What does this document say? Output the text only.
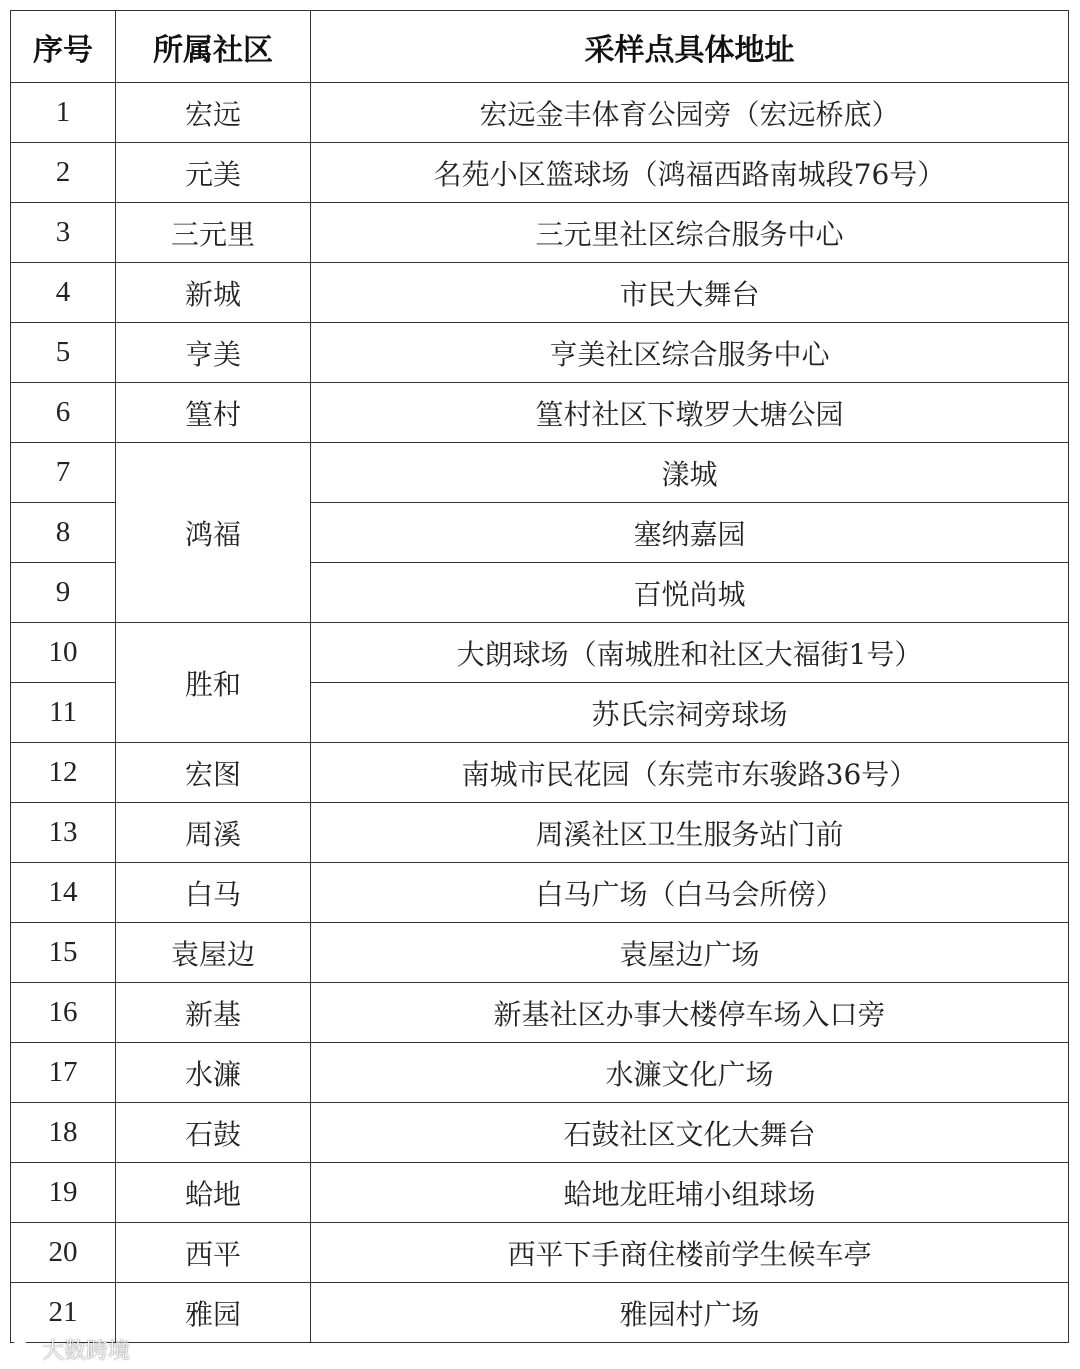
序号	所属社区	采样点具体地址
1	宏远	宏远金丰体育公园旁（宏远桥底）
2	元美	名苑小区篮球场（鸿福西路南城段76号）
3	三元里	三元里社区综合服务中心
4	新城	市民大舞台
5	亨美	亨美社区综合服务中心
6	篁村	篁村社区下墩罗大塘公园
7	鸿福	漾城
8		塞纳嘉园
9		百悦尚城
10	胜和	大朗球场（南城胜和社区大福街1号）
11		苏氏宗祠旁球场
12	宏图	南城市民花园（东莞市东骏路36号）
13	周溪	周溪社区卫生服务站门前
14	白马	白马广场（白马会所傍）
15	袁屋边	袁屋边广场
16	新基	新基社区办事大楼停车场入口旁
17	水濂	水濂文化广场
18	石鼓	石鼓社区文化大舞台
19	蛤地	蛤地龙旺埔小组球场
20	西平	西平下手商住楼前学生候车亭
21	雅园	雅园村广场
大数跨境
